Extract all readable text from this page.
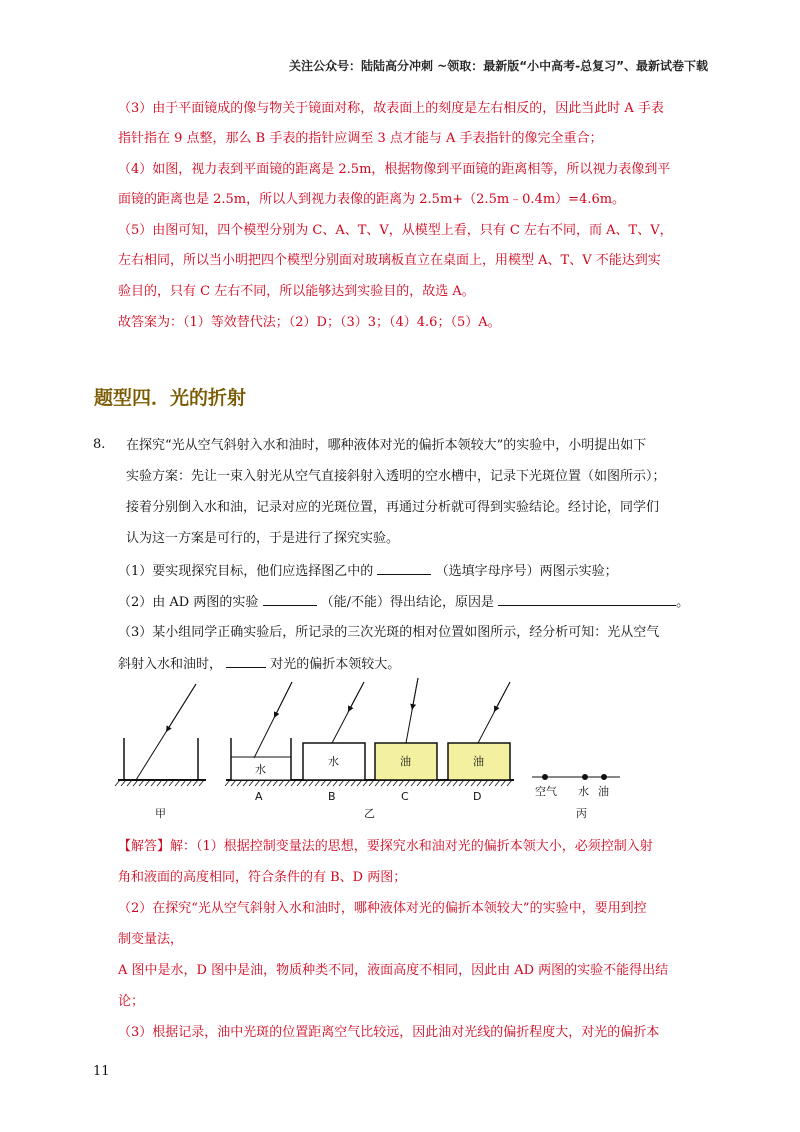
关注公众号：陆陆高分冲刺 ~领取：最新版“小中高考-总复习”、最新试卷下载
（3）由于平面镜成的像与物关于镜面对称，故表面上的刻度是左右相反的，因此当此时 A 手表
指针指在 9 点整，那么 B 手表的指针应调至 3 点才能与 A 手表指针的像完全重合；
（4）如图，视力表到平面镜的距离是 2.5m，根据物像到平面镜的距离相等，所以视力表像到平
面镜的距离也是 2.5m，所以人到视力表像的距离为 2.5m+（2.5m﹣0.4m）=4.6m。
（5）由图可知，四个模型分别为 C、A、T、V，从模型上看，只有 C 左右不同，而 A、T、V，
左右相同，所以当小明把四个模型分别面对玻璃板直立在桌面上，用模型 A、T、V 不能达到实
验目的，只有 C 左右不同，所以能够达到实验目的，故选 A。
故答案为：（1）等效替代法；（2）D；（3）3；（4）4.6；（5）A。
题型四．光的折射
8. 在探究“光从空气斜射入水和油时，哪种液体对光的偏折本领较大”的实验中，小明提出如下
实验方案：先让一束入射光从空气直接斜射入透明的空水槽中，记录下光斑位置（如图所示）；
接着分别倒入水和油，记录对应的光斑位置，再通过分析就可得到实验结论。经讨论，同学们
认为这一方案是可行的，于是进行了探究实验。
（1）要实现探究目标，他们应选择图乙中的	（选填字母序号）两图示实验；
（2）由 AD 两图的实验	（能/不能）得出结论，原因是	。
（3）某小组同学正确实验后，所记录的三次光斑的相对位置如图所示，经分析可知：光从空气
斜射入水和油时，	对光的偏折本领较大。
水
水	油	油
空气 水 油
A	B	C	D
甲	乙	丙
【解答】解：（1）根据控制变量法的思想，要探究水和油对光的偏折本领大小，必须控制入射
角和液面的高度相同，符合条件的有 B、D 两图；
（2）在探究“光从空气斜射入水和油时，哪种液体对光的偏折本领较大”的实验中，要用到控
制变量法，
A 图中是水，D 图中是油，物质种类不同，液面高度不相同，因此由 AD 两图的实验不能得出结
论；
（3）根据记录，油中光斑的位置距离空气比较远，因此油对光线的偏折程度大，对光的偏折本
11
